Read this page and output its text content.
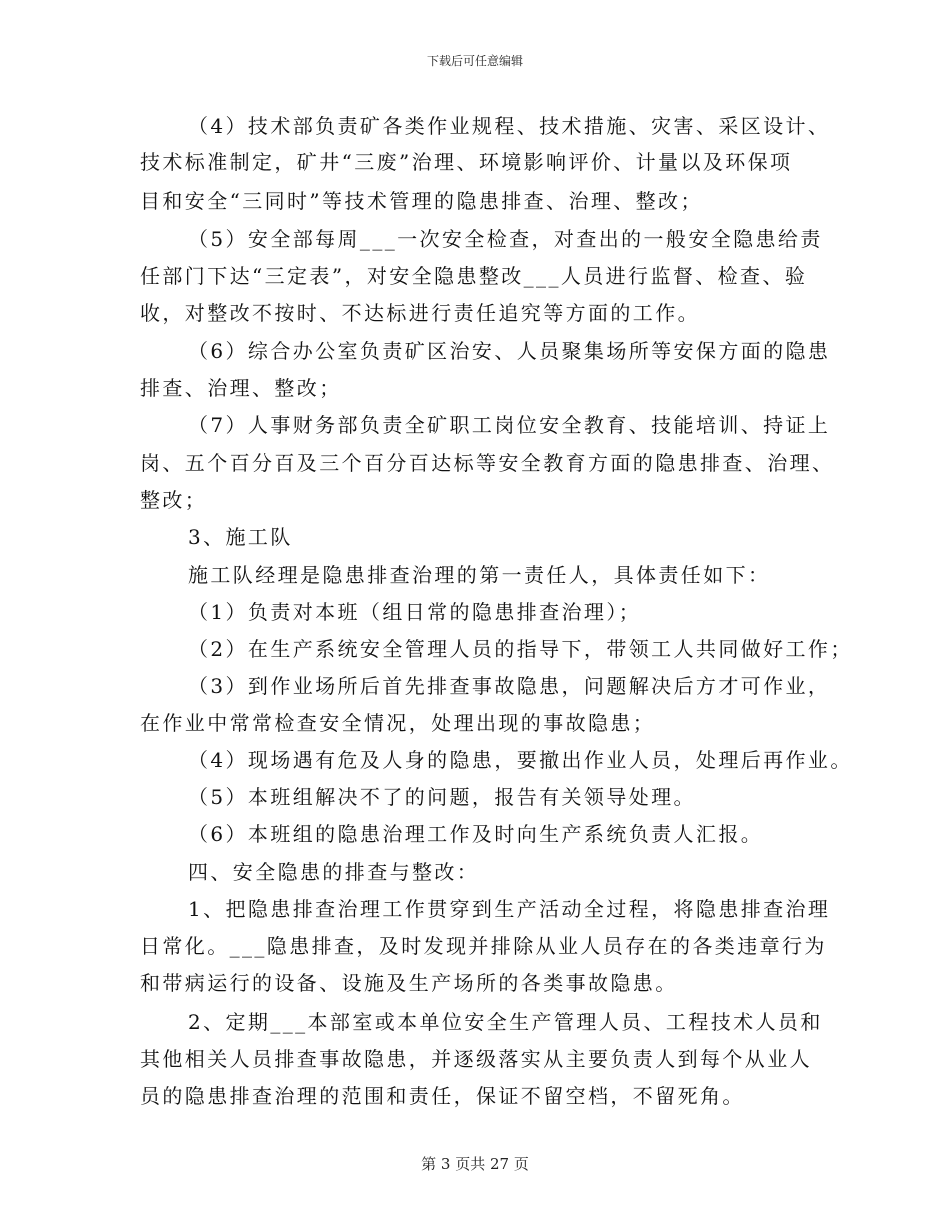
下载后可任意编辑
（4）技术部负责矿各类作业规程、技术措施、灾害、采区设计、
技术标准制定，矿井“三废”治理、环境影响评价、计量以及环保项
目和安全“三同时”等技术管理的隐患排查、治理、整改；
（5）安全部每周___一次安全检查，对查出的一般安全隐患给责
任部门下达“三定表”，对安全隐患整改___人员进行监督、检查、验
收，对整改不按时、不达标进行责任追究等方面的工作。
（6）综合办公室负责矿区治安、人员聚集场所等安保方面的隐患
排查、治理、整改；
（7）人事财务部负责全矿职工岗位安全教育、技能培训、持证上
岗、五个百分百及三个百分百达标等安全教育方面的隐患排查、治理、
整改；
3、施工队
施工队经理是隐患排查治理的第一责任人，具体责任如下：
（1）负责对本班（组日常的隐患排查治理）；
（2）在生产系统安全管理人员的指导下，带领工人共同做好工作；
（3）到作业场所后首先排查事故隐患，问题解决后方才可作业，
在作业中常常检查安全情况，处理出现的事故隐患；
（4）现场遇有危及人身的隐患，要撤出作业人员，处理后再作业。
（5）本班组解决不了的问题，报告有关领导处理。
（6）本班组的隐患治理工作及时向生产系统负责人汇报。
四、安全隐患的排查与整改：
1、把隐患排查治理工作贯穿到生产活动全过程，将隐患排查治理
日常化。___隐患排查，及时发现并排除从业人员存在的各类违章行为
和带病运行的设备、设施及生产场所的各类事故隐患。
2、定期___本部室或本单位安全生产管理人员、工程技术人员和
其他相关人员排查事故隐患，并逐级落实从主要负责人到每个从业人
员的隐患排查治理的范围和责任，保证不留空档，不留死角。
第 3 页共 27 页
